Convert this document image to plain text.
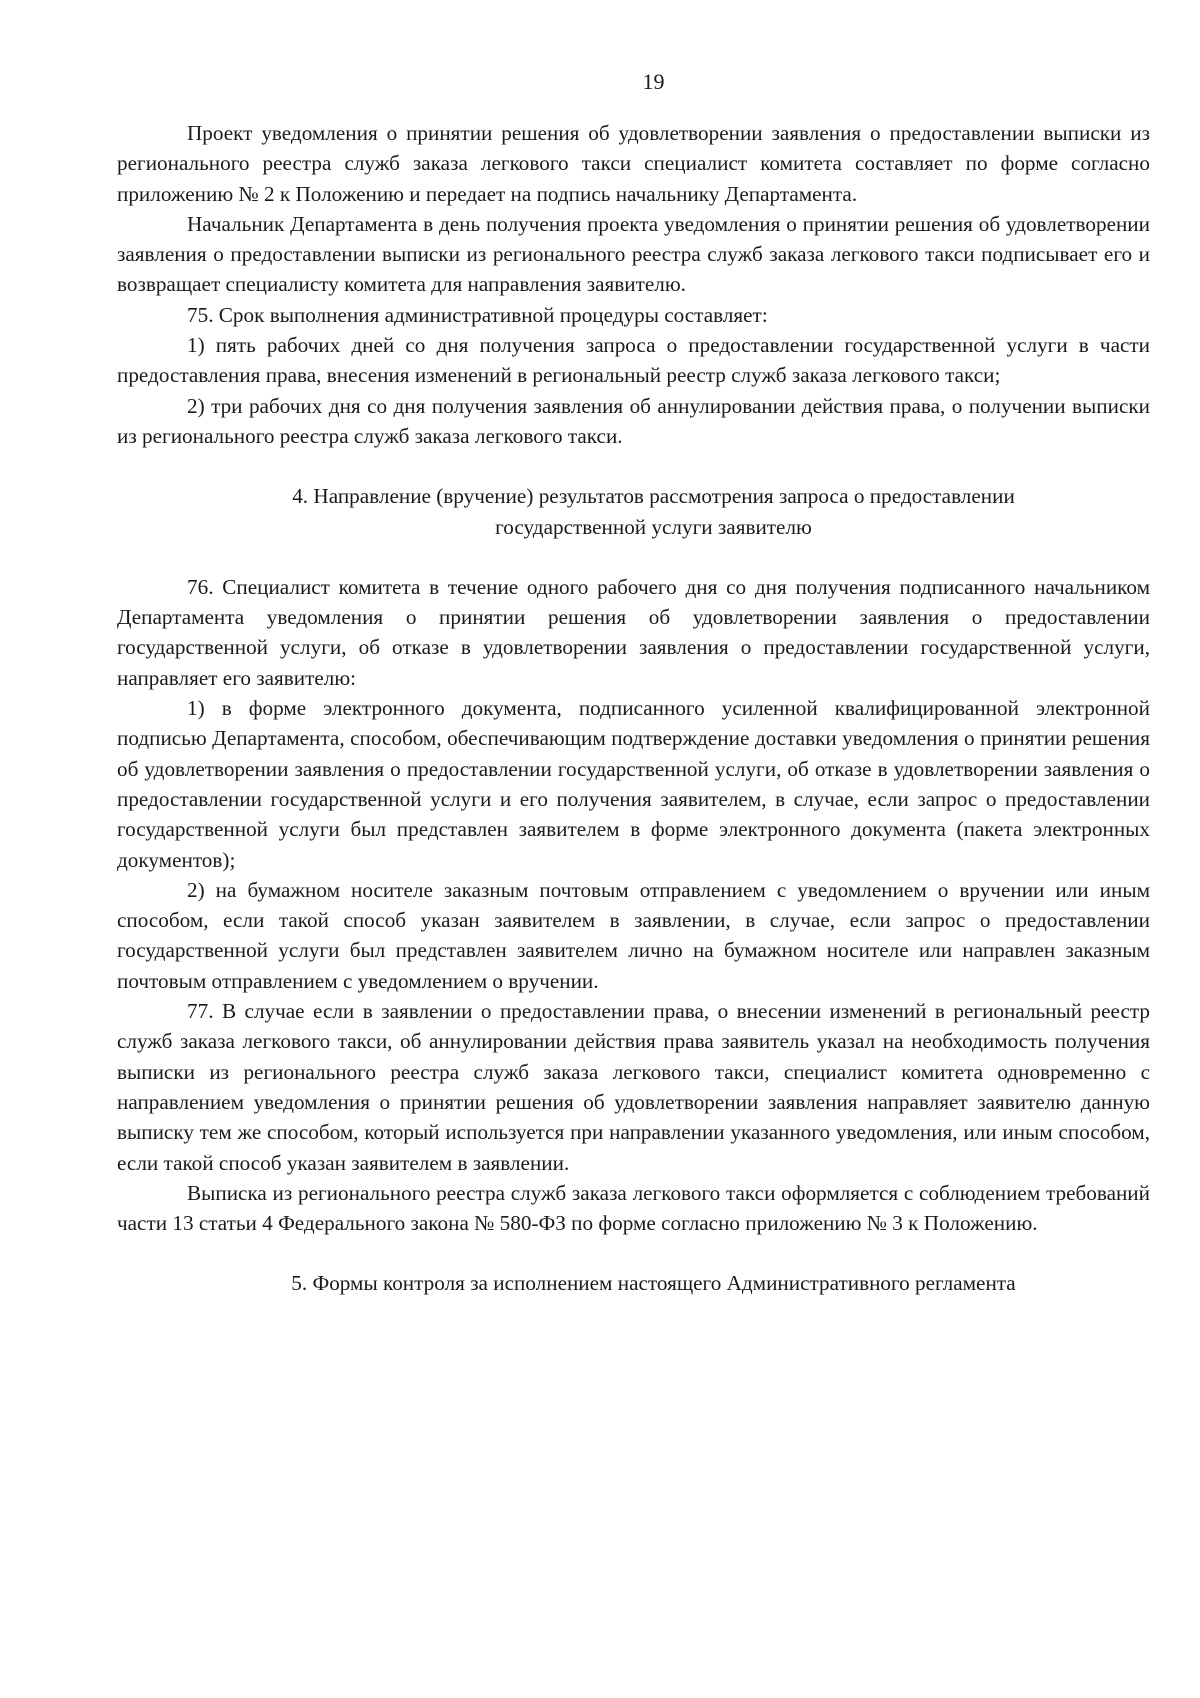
19

Проект уведомления о принятии решения об удовлетворении заявления о предоставлении выписки из регионального реестра служб заказа легкового такси специалист комитета составляет по форме согласно приложению № 2 к Положению и передает на подпись начальнику Департамента.

Начальник Департамента в день получения проекта уведомления о принятии решения об удовлетворении заявления о предоставлении выписки из регионального реестра служб заказа легкового такси подписывает его и возвращает специалисту комитета для направления заявителю.

75. Срок выполнения административной процедуры составляет:

1) пять рабочих дней со дня получения запроса о предоставлении государственной услуги в части предоставления права, внесения изменений в региональный реестр служб заказа легкового такси;

2) три рабочих дня со дня получения заявления об аннулировании действия права, о получении выписки из регионального реестра служб заказа легкового такси.

4. Направление (вручение) результатов рассмотрения запроса о предоставлении
государственной услуги заявителю

76. Специалист комитета в течение одного рабочего дня со дня получения подписанного начальником Департамента уведомления о принятии решения об удовлетворении заявления о предоставлении государственной услуги, об отказе в удовлетворении заявления о предоставлении государственной услуги, направляет его заявителю:

1) в форме электронного документа, подписанного усиленной квалифицированной электронной подписью Департамента, способом, обеспечивающим подтверждение доставки уведомления о принятии решения об удовлетворении заявления о предоставлении государственной услуги, об отказе в удовлетворении заявления о предоставлении государственной услуги и его получения заявителем, в случае, если запрос о предоставлении государственной услуги был представлен заявителем в форме электронного документа (пакета электронных документов);

2) на бумажном носителе заказным почтовым отправлением с уведомлением о вручении или иным способом, если такой способ указан заявителем в заявлении, в случае, если запрос о предоставлении государственной услуги был представлен заявителем лично на бумажном носителе или направлен заказным почтовым отправлением с уведомлением о вручении.

77. В случае если в заявлении о предоставлении права, о внесении изменений в региональный реестр служб заказа легкового такси, об аннулировании действия права заявитель указал на необходимость получения выписки из регионального реестра служб заказа легкового такси, специалист комитета одновременно с направлением уведомления о принятии решения об удовлетворении заявления направляет заявителю данную выписку тем же способом, который используется при направлении указанного уведомления, или иным способом, если такой способ указан заявителем в заявлении.

Выписка из регионального реестра служб заказа легкового такси оформляется с соблюдением требований части 13 статьи 4 Федерального закона № 580-ФЗ по форме согласно приложению № 3 к Положению.

5. Формы контроля за исполнением настоящего Административного регламента
